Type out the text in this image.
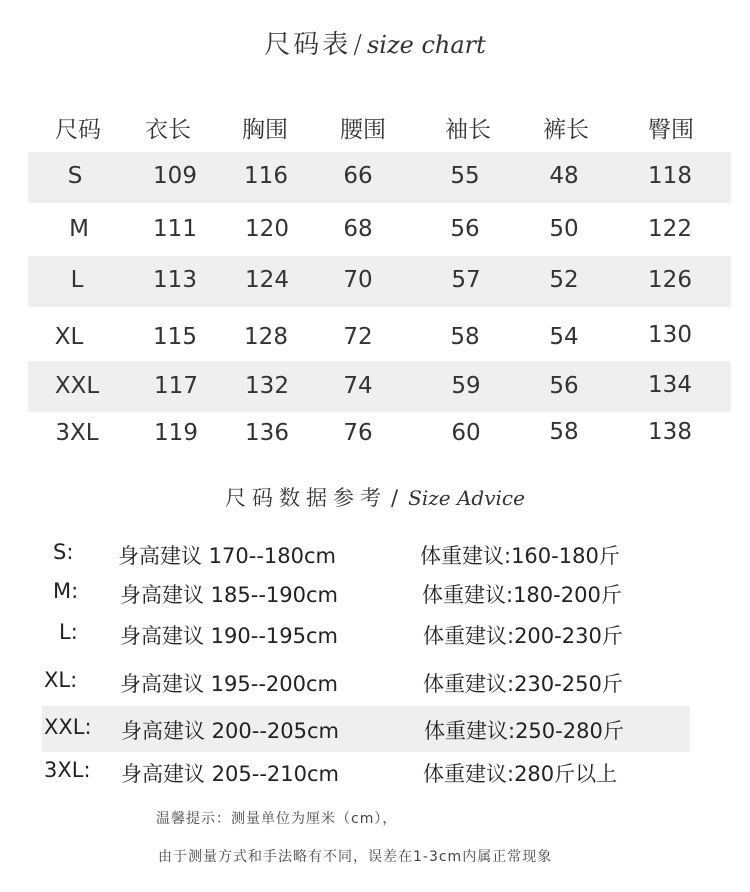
尺码表/size chart
尺码 衣长 胸围 腰围	袖长 裤长	臀围
S	109 116 66	55	48	118
M	111 120 68	56	50	122
L	113 124 70	57	52	126
XL	115 128 72	58	54	130
XXL 117 132 74	59	56	134
3XL 119 136 76	60	58	138
尺码数据参考 / Size Advice
S: 身高建议 170--180cm	体重建议:160-180斤
M: 身高建议 185--190cm	体重建议:180-200斤
L: 身高建议 190--195cm	体重建议:200-230斤
XL: 身高建议 195--200cm	体重建议:230-250斤
XXL: 身高建议 200--205cm	体重建议:250-280斤
3XL: 身高建议 205--210cm	体重建议:280斤以上
温馨提示：测量单位为厘米（cm），
由于测量方式和手法略有不同，误差在1-3cm内属正常现象
